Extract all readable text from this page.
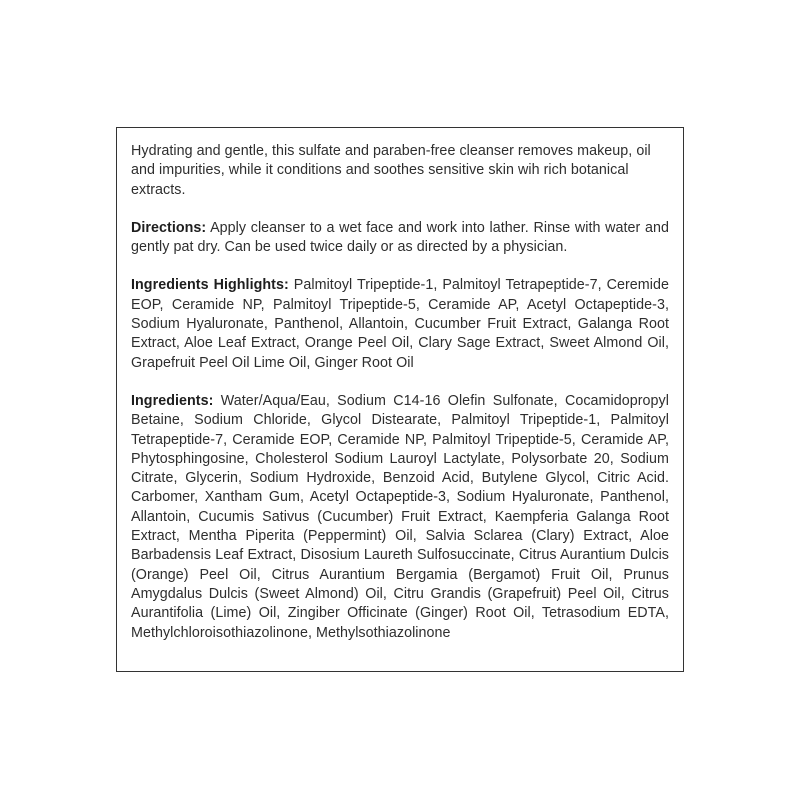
Hydrating and gentle, this sulfate and paraben-free cleanser removes makeup, oil and impurities, while it conditions and soothes sensitive skin wih rich botanical extracts.

Directions: Apply cleanser to a wet face and work into lather. Rinse with water and gently pat dry. Can be used twice daily or as directed by a physician.

Ingredients Highlights: Palmitoyl Tripeptide-1, Palmitoyl Tetrapeptide-7, Ceremide EOP, Ceramide NP, Palmitoyl Tripeptide-5, Ceramide AP, Acetyl Octapeptide-3, Sodium Hyaluronate, Panthenol, Allantoin, Cucumber Fruit Extract, Galanga Root Extract, Aloe Leaf Extract, Orange Peel Oil, Clary Sage Extract, Sweet Almond Oil, Grapefruit Peel Oil Lime Oil, Ginger Root Oil

Ingredients: Water/Aqua/Eau, Sodium C14-16 Olefin Sulfonate, Cocamidopropyl Betaine, Sodium Chloride, Glycol Distearate, Palmitoyl Tripeptide-1, Palmitoyl Tetrapeptide-7, Ceramide EOP, Ceramide NP, Palmitoyl Tripeptide-5, Ceramide AP, Phytosphingosine, Cholesterol Sodium Lauroyl Lactylate, Polysorbate 20, Sodium Citrate, Glycerin, Sodium Hydroxide, Benzoid Acid, Butylene Glycol, Citric Acid. Carbomer, Xantham Gum, Acetyl Octapeptide-3, Sodium Hyaluronate, Panthenol, Allantoin, Cucumis Sativus (Cucumber) Fruit Extract, Kaempferia Galanga Root Extract, Mentha Piperita (Peppermint) Oil, Salvia Sclarea (Clary) Extract, Aloe Barbadensis Leaf Extract, Disosium Laureth Sulfosuccinate, Citrus Aurantium Dulcis (Orange) Peel Oil, Citrus Aurantium Bergamia (Bergamot) Fruit Oil, Prunus Amygdalus Dulcis (Sweet Almond) Oil, Citru Grandis (Grapefruit) Peel Oil, Citrus Aurantifolia (Lime) Oil, Zingiber Officinate (Ginger) Root Oil, Tetrasodium EDTA, Methylchloroisothiazolinone, Methylsothiazolinone
